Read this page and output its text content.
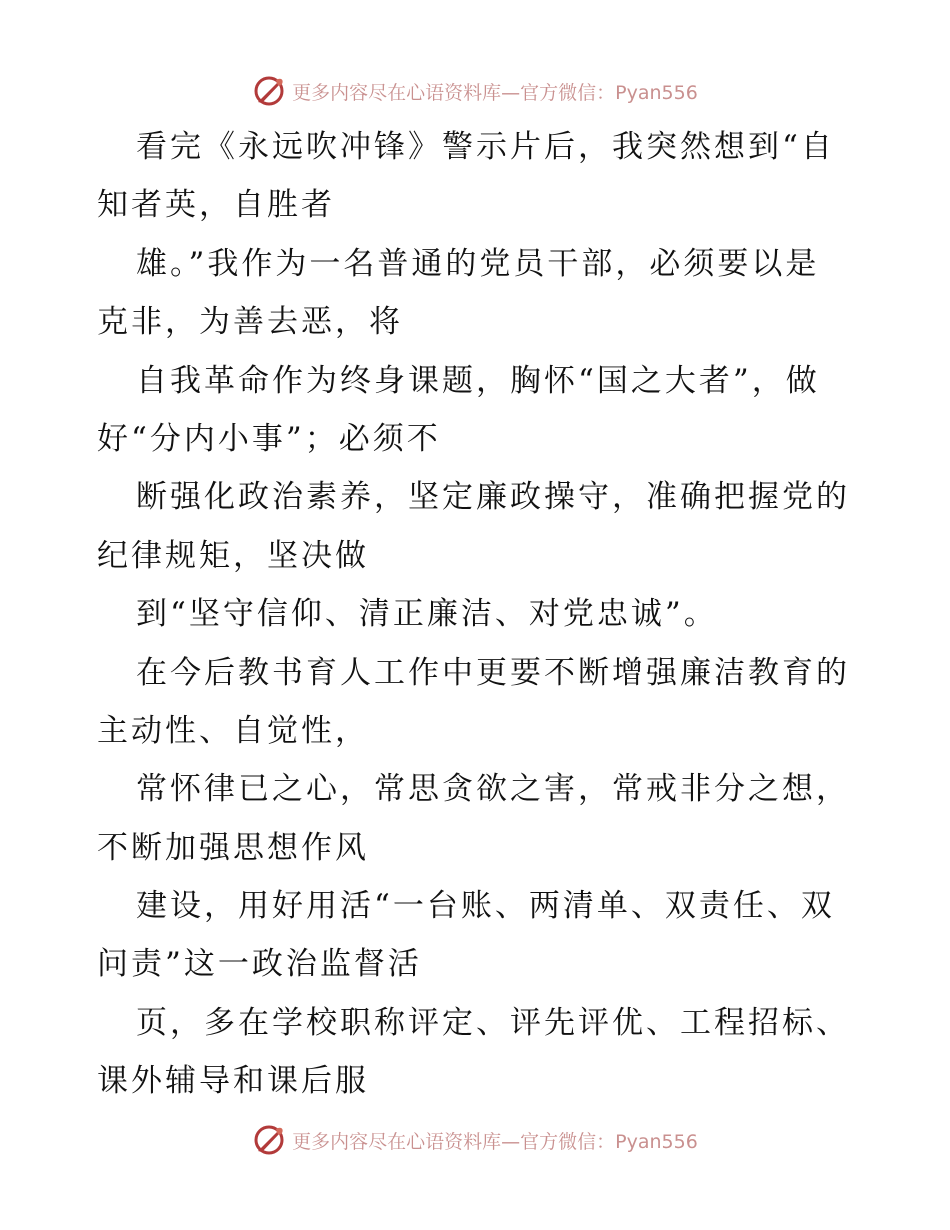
更多内容尽在心语资料库—官方微信：Pyan556
看完《永远吹冲锋》警示片后，我突然想到“自
知者英，自胜者
雄。”我作为一名普通的党员干部，必须要以是
克非，为善去恶，将
自我革命作为终身课题，胸怀“国之大者”，做
好“分内小事”；必须不
断强化政治素养，坚定廉政操守，准确把握党的
纪律规矩，坚决做
到“坚守信仰、清正廉洁、对党忠诚”。
在今后教书育人工作中更要不断增强廉洁教育的
主动性、自觉性，
常怀律已之心，常思贪欲之害，常戒非分之想，
不断加强思想作风
建设，用好用活“一台账、两清单、双责任、双
问责”这一政治监督活
页，多在学校职称评定、评先评优、工程招标、
课外辅导和课后服
更多内容尽在心语资料库—官方微信：Pyan556
